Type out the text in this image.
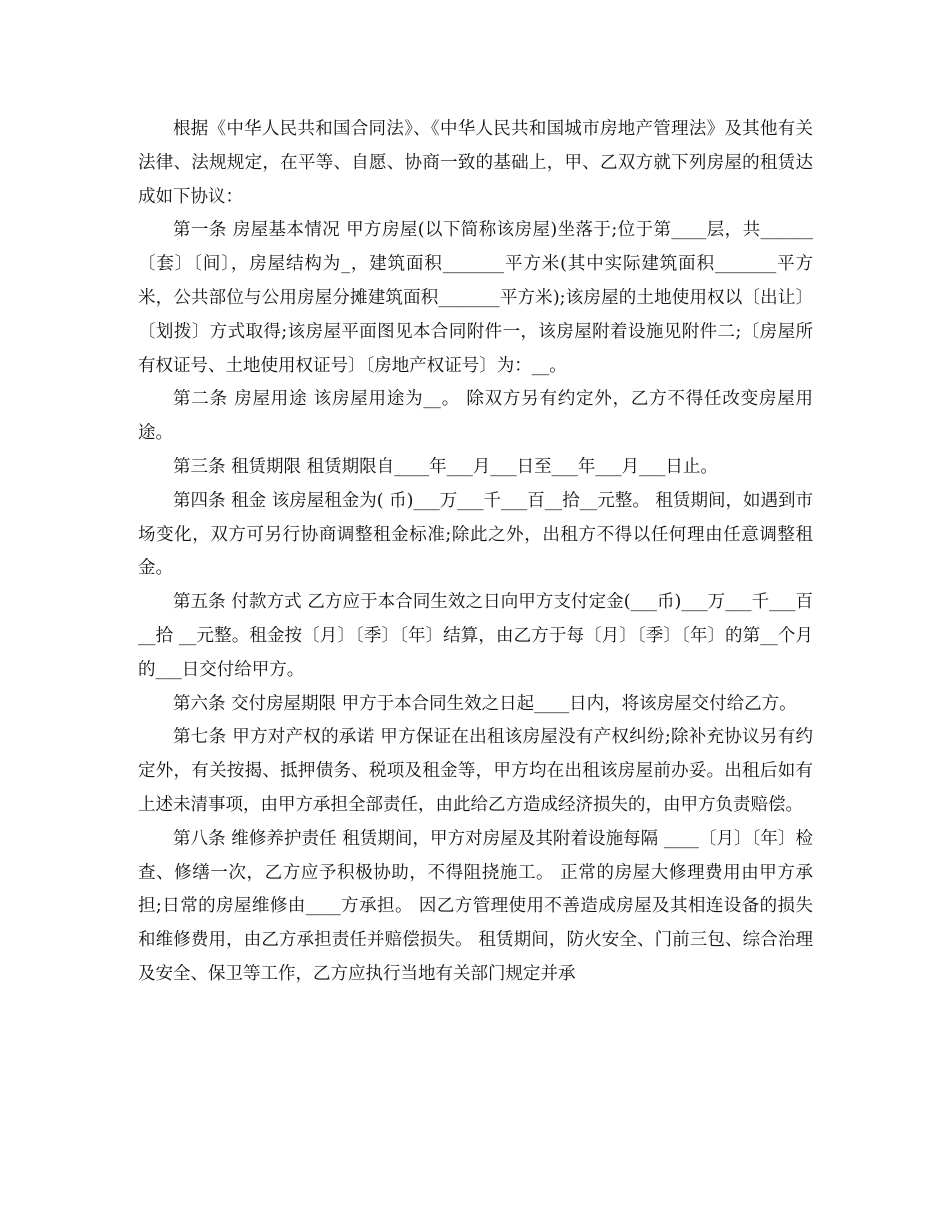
根据《中华人民共和国合同法》、《中华人民共和国城市房地产管理法》及其他有关法律、法规规定，在平等、自愿、协商一致的基础上，甲、乙双方就下列房屋的租赁达成如下协议：

第一条 房屋基本情况 甲方房屋(以下简称该房屋)坐落于;位于第____层，共______〔套〕〔间〕，房屋结构为_，建筑面积_______平方米(其中实际建筑面积_______平方米，公共部位与公用房屋分摊建筑面积_______平方米);该房屋的土地使用权以〔出让〕〔划拨〕方式取得;该房屋平面图见本合同附件一，该房屋附着设施见附件二;〔房屋所有权证号、土地使用权证号〕〔房地产权证号〕为：__。

第二条 房屋用途 该房屋用途为__。 除双方另有约定外，乙方不得任改变房屋用途。

第三条 租赁期限 租赁期限自____年___月___日至___年___月___日止。

第四条 租金 该房屋租金为( 币)___万___千___百__拾__元整。 租赁期间，如遇到市场变化，双方可另行协商调整租金标准;除此之外，出租方不得以任何理由任意调整租金。

第五条 付款方式 乙方应于本合同生效之日向甲方支付定金(___币)___万___千___百__拾 __元整。租金按〔月〕〔季〕〔年〕结算，由乙方于每〔月〕〔季〕〔年〕的第__个月的___日交付给甲方。

第六条 交付房屋期限 甲方于本合同生效之日起____日内，将该房屋交付给乙方。

第七条 甲方对产权的承诺 甲方保证在出租该房屋没有产权纠纷;除补充协议另有约定外，有关按揭、抵押债务、税项及租金等，甲方均在出租该房屋前办妥。出租后如有上述未清事项，由甲方承担全部责任，由此给乙方造成经济损失的，由甲方负责赔偿。

第八条 维修养护责任 租赁期间，甲方对房屋及其附着设施每隔 ____〔月〕〔年〕检查、修缮一次，乙方应予积极协助，不得阻挠施工。 正常的房屋大修理费用由甲方承担;日常的房屋维修由____方承担。 因乙方管理使用不善造成房屋及其相连设备的损失和维修费用，由乙方承担责任并赔偿损失。 租赁期间，防火安全、门前三包、综合治理及安全、保卫等工作，乙方应执行当地有关部门规定并承
